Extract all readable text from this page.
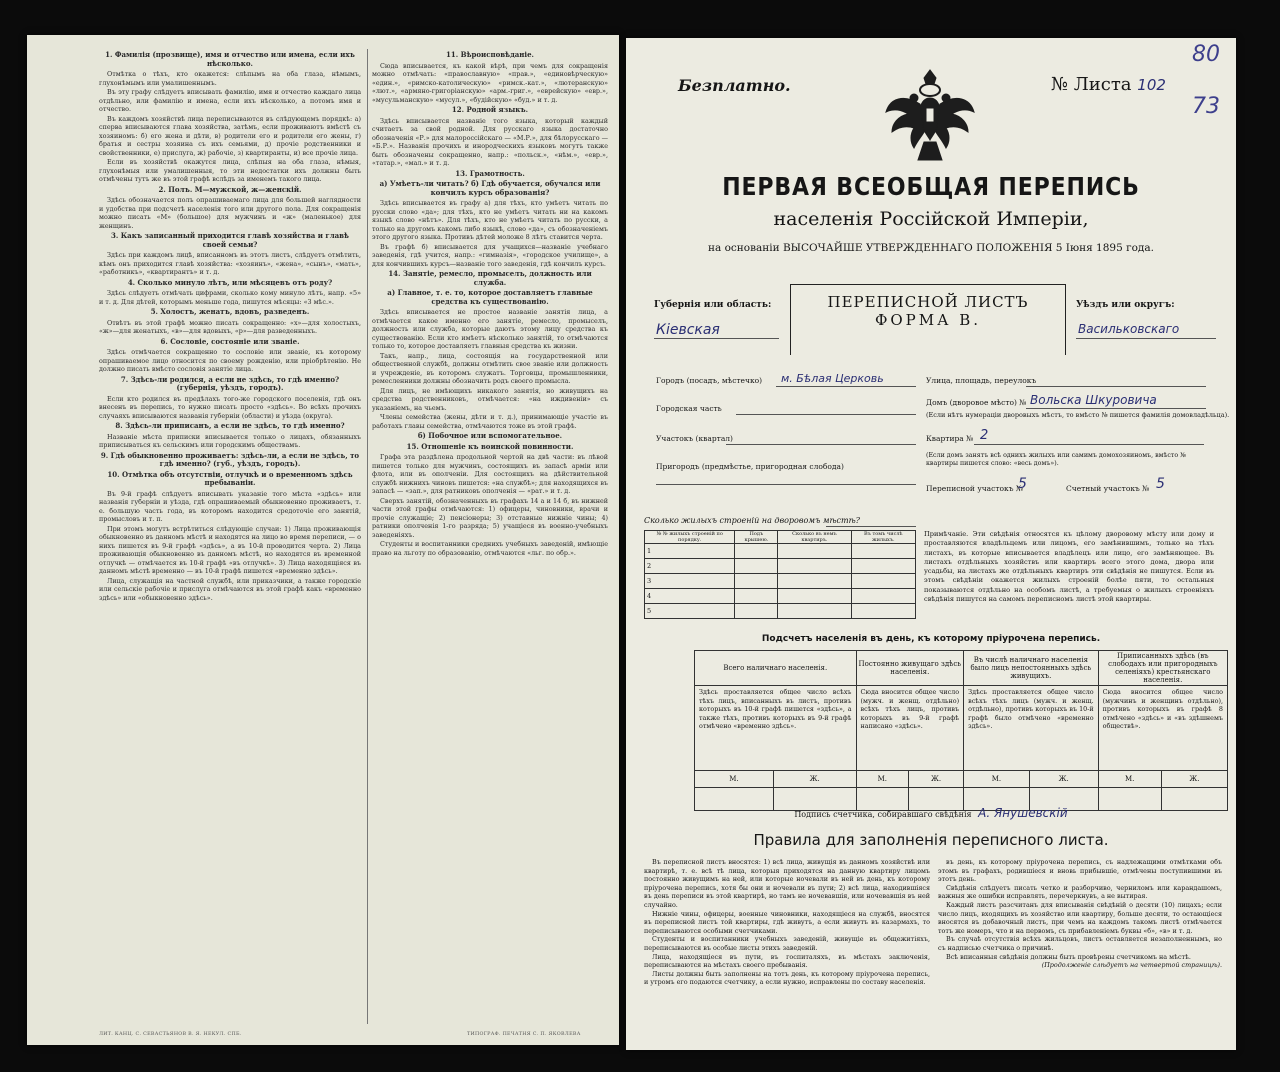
1. Фамилія (прозвище), имя и отчество или имена, если ихъ нѣсколько.

Отмѣтка о тѣхъ, кто окажется: слѣпымъ на оба глаза, нѣмымъ, глухонѣмымъ или умалишеннымъ.

Въ эту графу слѣдуетъ вписывать фамилію, имя и отчество каждаго лица отдѣльно, или фамилію и имена, если ихъ нѣсколько, а потомъ имя и отчество.

Въ каждомъ хозяйствѣ лица переписываются въ слѣдующемъ порядкѣ: а) сперва вписываются глава хозяйства, затѣмъ, если проживаютъ вмѣстѣ съ хозяиномъ: б) его жена и дѣти, в) родители его и родители его жены, г) братья и сестры хозяина съ ихъ семьями, д) прочіе родственники и свойственники, е) прислуга, ж) рабочіе, з) квартиранты, и) все прочіе лица.

Если въ хозяйствѣ окажутся лица, слѣпыя на оба глаза, нѣмыя, глухонѣмыя или умалишенныя, то эти недостатки ихъ должны быть отмѣчены тутъ же въ этой графѣ вслѣдъ за именемъ такого лица.

2. Полъ. М—мужской, ж—женскій.

Здѣсь обозначается полъ опрашиваемаго лица для большей наглядности и удобства при подсчетѣ населенія того или другого пола. Для сокращенія можно писать «М» (большое) для мужчинъ и «ж» (маленькое) для женщинъ.

3. Какъ записанный приходится главѣ хозяйства и главѣ своей семьи?

Здѣсь при каждомъ лицѣ, вписанномъ въ этотъ листъ, слѣдуетъ отмѣтить, кѣмъ онъ приходится главѣ хозяйства: «хозяинъ», «жена», «сынъ», «мать», «работникъ», «квартирантъ» и т. д.

4. Сколько минуло лѣтъ, или мѣсяцевъ отъ роду?

Здѣсь слѣдуетъ отмѣчать цифрами, сколько кому минуло лѣтъ, напр. «5» и т. д. Для дѣтей, которымъ меньше года, пишутся мѣсяцы: «3 мѣс.».

5. Холостъ, женатъ, вдовъ, разведенъ.

Отвѣтъ въ этой графѣ можно писать сокращенно: «х»—для холостыхъ, «ж»—для женатыхъ, «в»—для вдовыхъ, «р»—для разведенныхъ.

6. Сословіе, состояніе или званіе.

Здѣсь отмѣчается сокращенно то сословіе или званіе, къ которому опрашиваемое лицо относится по своему рожденію, или пріобрѣтенію. Не должно писать вмѣсто сословія занятіе лица.

7. Здѣсь-ли родился, а если не здѣсь, то гдѣ именно? (губернія, уѣздъ, городъ).

Если кто родился въ предѣлахъ того-же городского поселенія, гдѣ онъ внесенъ въ перепись, то нужно писать просто «здѣсь». Во всѣхъ прочихъ случаяхъ вписываются названія губерніи (области) и уѣзда (округа).

8. Здѣсь-ли приписанъ, а если не здѣсь, то гдѣ именно?

Названіе мѣста приписки вписывается только о лицахъ, обязанныхъ приписываться къ сельскимъ или городскимъ обществамъ.

9. Гдѣ обыкновенно проживаетъ: здѣсь-ли, а если не здѣсь, то гдѣ именно? (губ., уѣздъ, городъ).
10. Отмѣтка объ отсутствіи, отлучкѣ и о временномъ здѣсь пребываніи.

Въ 9-й графѣ слѣдуетъ вписывать указаніе того мѣста «здѣсь» или названія губерніи и уѣзда, гдѣ опрашиваемый обыкновенно проживаетъ, т. е. большую часть года, въ которомъ находится средоточіе его занятій, промысловъ и т. п.

При этомъ могутъ встрѣтиться слѣдующіе случаи: 1) Лица проживающія обыкновенно въ данномъ мѣстѣ и находятся на лицо во время переписи, — о нихъ пишется въ 9-й графѣ «здѣсь», а въ 10-й проводится черта. 2) Лица проживающія обыкновенно въ данномъ мѣстѣ, но находятся въ временной отлучкѣ — отмѣчается въ 10-й графѣ «въ отлучкѣ». 3) Лица находящіяся въ данномъ мѣстѣ временно — въ 10-й графѣ пишется «временно здѣсь».

Лица, служащія на частной службѣ, или приказчики, а также городскіе или сельскіе рабочіе и прислуга отмѣчаются въ этой графѣ какъ «временно здѣсь» или «обыкновенно здѣсь».

11. Вѣроисповѣданіе.

Сюда вписывается, къ какой вѣрѣ, при чемъ для сокращенія можно отмѣчать: «православную» «прав.», «единовѣрческую» «един.», «римско-католическую» «римск.-кат.», «лютеранскую» «лют.», «армяно-григоріанскую» «арм.-григ.», «еврейскую» «евр.», «мусульманскую» «мусул.», «будійскую» «буд.» и т. д.

12. Родной языкъ.

Здѣсь вписывается названіе того языка, который каждый считаетъ за свой родной. Для русскаго языка достаточно обозначенія «Р.» для малороссійскаго — «М.Р.», для бѣлорусскаго — «Б.Р.». Названія прочихъ и инородческихъ языковъ могутъ также быть обозначены сокращенно, напр.: «польск.», «нѣм.», «евр.», «татар.», «мал.» и т. д.

13. Грамотность.
а) Умѣетъ-ли читать? б) Гдѣ обучается, обучался или кончилъ курсъ образованія?

Здѣсь вписывается въ графу а) для тѣхъ, кто умѣетъ читать по русски слово «да»; для тѣхъ, кто не умѣетъ читать ни на какомъ языкѣ слово «нѣтъ». Для тѣхъ, кто не умѣетъ читать по русски, а только на другомъ какомъ либо языкѣ, слово «да», съ обозначеніемъ этого другого языка. Противъ дѣтей моложе 8 лѣтъ ставится черта.

Въ графѣ б) вписывается для учащихся—названіе учебнаго заведенія, гдѣ учится, напр.: «гимназія», «городское училище», а для кончившихъ курсъ—названіе того заведенія, гдѣ кончилъ курсъ.

14. Занятіе, ремесло, промыселъ, должность или служба.
а) Главное, т. е. то, которое доставляетъ главные средства къ существованію.

Здѣсь вписывается не простое названіе занятія лица, а отмѣчается какое именно его занятіе, ремесло, промыселъ, должность или служба, которые даютъ этому лицу средства къ существованію. Если кто имѣетъ нѣсколько занятій, то отмѣчаются только то, которое доставляетъ главныя средства къ жизни.

Такъ, напр., лица, состоящія на государственной или общественной службѣ, должны отмѣтить свое званіе или должность и учрежденіе, въ которомъ служатъ. Торговцы, промышленники, ремесленники должны обозначить родъ своего промысла.

Для лицъ, не имѣющихъ никакого занятія, но живущихъ на средства родственниковъ, отмѣчается: «на иждивеніи» съ указаніемъ, на чьемъ.

Члены семейства (жены, дѣти и т. д.), принимающіе участіе въ работахъ главы семейства, отмѣчаются тоже въ этой графѣ.

б) Побочное или вспомогательное.
15. Отношеніе къ воинской повинности.

Графа эта раздѣлена продольной чертой на двѣ части: въ лѣвой пишется только для мужчинъ, состоящихъ въ запасѣ арміи или флота, или въ ополченіи. Для состоящихъ на дѣйствительной службѣ нижнихъ чиновъ пишется: «на службѣ»; для находящихся въ запасѣ — «зап.», для ратниковъ ополченія — «рат.» и т. д.

Сверхъ занятій, обозначенныхъ въ графахъ 14 а и 14 б, въ нижней части этой графы отмѣчаются: 1) офицеры, чиновники, врачи и прочіе служащіе; 2) пенсіонеры; 3) отставные нижніе чины; 4) ратники ополченія 1-го разряда; 5) учащіеся въ военно-учебныхъ заведеніяхъ.

Студенты и воспитанники среднихъ учебныхъ заведеній, имѣющіе право на льготу по образованію, отмѣчаются «льг. по обр.».

ЛИТ. КАНЦ. С. СЕВАСТЬЯНОВ В. Я. НЕКУЛ. СПБ.	ТИПОГРАФ. ПЕЧАТНЯ С. П. ЯКОВЛЕВА
Безплатно.	№ Листа 102
80
73
ПЕРВАЯ ВСЕОБЩАЯ ПЕРЕПИСЬ
населенія Россійской Имперіи,
на основаніи ВЫСОЧАЙШЕ УТВЕРЖДЕННАГО ПОЛОЖЕНІЯ 5 Іюня 1895 года.
Губернія или область:
Кіевская
ПЕРЕПИСНОЙ ЛИСТЪ
ФОРМА В.
Уѣздъ или округъ:
Васильковскаго
Городъ (посадъ, мѣстечко) м. Бѣлая Церковь	Улица, площадь, переулокъ
Городская часть
Домъ (дворовое мѣсто) № Вольска Шкуровича
(Если нѣтъ нумераціи дворовыхъ мѣстъ, то вмѣсто № пишется фамилія домовладѣльца).
Участокъ (квартал)	Квартира № 2
Пригородъ (предмѣстье, пригородная слобода)
(Если домъ занятъ всѣ однихъ жилыхъ или самимъ домохозяиномъ, вмѣсто № квартиры пишется слово: «весь домъ»).
Переписной участокъ №
5	Счетный участокъ № 5
Сколько жилыхъ строеній на дворовомъ мѣстѣ?
№ № жилыхъ строеній по порядку.	Подъ крышею.	Сколько въ немъ квартиръ.	Въ томъ числѣ жилыхъ.
1			
2			
3			
4			
5			
Примѣчаніе. Эти свѣдѣнія относятся къ цѣлому дворовому мѣсту или дому и проставляются владѣльцемъ или лицомъ, его замѣнившимъ, только на тѣхъ листахъ, въ которые вписывается владѣлецъ или лицо, его замѣняющее. Въ листахъ отдѣльныхъ хозяйствъ или квартиръ всего этого дома, двора или усадьбы, на листахъ же отдѣльныхъ квартиръ эти свѣдѣнія не пишутся. Если въ этомъ свѣдѣніи окажется жилыхъ строеній болѣе пяти, то остальныя показываются отдѣльно на особомъ листѣ, а требуемыя о жилыхъ строеніяхъ свѣдѣнія пишутся на самомъ переписномъ листѣ этой квартиры.
Подсчетъ населенія въ день, къ которому пріурочена перепись.
Всего наличнаго населенія.		Постоянно живущаго здѣсь населенія.		Въ числѣ наличнаго населенія было лицъ непостоянныхъ здѣсь живущихъ.		Приписанныхъ здѣсь (въ слободахъ или пригородныхъ селеніяхъ) крестьянскаго населенія.	
Здѣсь проставляется общее число всѣхъ тѣхъ лицъ, вписанныхъ въ листъ, противъ которыхъ въ 10-й графѣ пишется «здѣсь», а также тѣхъ, противъ которыхъ въ 9-й графѣ отмѣчено «временно здѣсь».		Сюда вносится общее число (мужч. и женщ. отдѣльно) всѣхъ тѣхъ лицъ, противъ которыхъ въ 9-й графѣ написано «здѣсь».		Здѣсь проставляется общее число всѣхъ тѣхъ лицъ (мужч. и женщ. отдѣльно), противъ которыхъ въ 10-й графѣ было отмѣчено «временно здѣсь».		Сюда вносится общее число (мужчинъ и женщинъ отдѣльно), противъ которыхъ въ графѣ 8 отмѣчено «здѣсь» и «въ здѣшнемъ обществѣ».	
М.	Ж.	М.	Ж.	М.	Ж.	М.	Ж.

Подпись счетчика, собиравшаго свѣдѣнія А. Янушевскій
Правила для заполненія переписного листа.

Въ переписной листъ вносятся: 1) всѣ лица, живущія въ данномъ хозяйствѣ или квартирѣ, т. е. всѣ тѣ лица, которыя приходятся на данную квартиру лицомъ постоянно живущимъ на ней, или которые ночевали въ ней въ день, къ которому пріурочена перепись, хотя бы они и ночевали въ пути; 2) всѣ лица, находившіяся въ день переписи въ этой квартирѣ, но тамъ не ночевавшія, или ночевавшія въ ней случайно.

Нижніе чины, офицеры, военные чиновники, находящіеся на службѣ, вносятся въ переписной листъ той квартиры, гдѣ живутъ, а если живутъ въ казармахъ, то переписываются особыми счетчиками.

Студенты и воспитанники учебныхъ заведеній, живущіе въ общежитіяхъ, переписываются въ особые листы этихъ заведеній.

Лица, находящіеся въ пути, въ госпиталяхъ, въ мѣстахъ заключенія, переписываются на мѣстахъ своего пребыванія.

Листы должны быть заполнены на тотъ день, къ которому пріурочена перепись, и утромъ его подаются счетчику, а если нужно, исправлены по составу населенія.

въ день, къ которому пріурочена перепись, съ надлежащими отмѣтками объ этомъ въ графахъ, родившіеся и вновь прибывшіе, отмѣчены поступившими въ этотъ день.

Свѣдѣнія слѣдуетъ писать четко и разборчиво, черниломъ или карандашомъ, важныя же ошибки исправлять, перечеркнувъ, а не вытирая.

Каждый листъ разсчитанъ для вписыванія свѣдѣній о десяти (10) лицахъ; если число лицъ, входящихъ въ хозяйство или квартиру, больше десяти, то остающіеся вносятся въ добавочный листъ, при чемъ на каждомъ такомъ листѣ отмѣчается тотъ же номеръ, что и на первомъ, съ прибавленіемъ буквы «б», «в» и т. д.

Въ случаѣ отсутствія всѣхъ жильцовъ, листъ оставляется незаполненнымъ, но съ надписью счетчика о причинѣ.

Всѣ вписанныя свѣдѣнія должны быть провѣрены счетчикомъ на мѣстѣ.

(Продолженіе слѣдуетъ на четвертой страницѣ).
